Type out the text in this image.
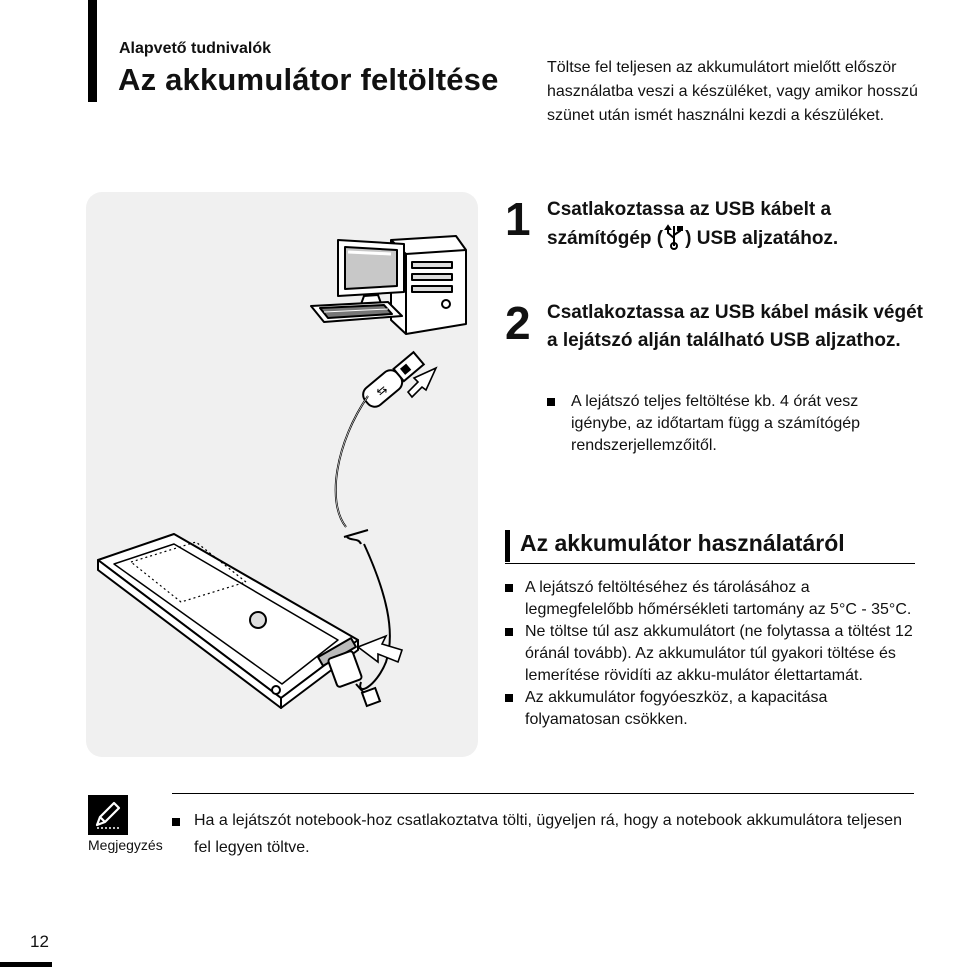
Alapvető tudnivalók
Az akkumulátor feltöltése	Töltse fel teljesen az akkumulátort mielőtt először használatba veszi a készüléket, vagy amikor hosszú szünet után ismét használni kezdi a készüléket.
⇆
1 Csatlakoztassa az USB kábelt a számítógép ( ) USB aljzatához.
2 Csatlakoztassa az USB kábel másik végét a lejátszó alján található USB aljzathoz.
A lejátszó teljes feltöltése kb. 4 órát vesz igénybe, az időtartam függ a számítógép rendszerjellemzőitől.
Az akkumulátor használatáról
A lejátszó feltöltéséhez és tárolásához a legmegfelelőbb hőmérsékleti tartomány az 5°C - 35°C.
Ne töltse túl asz akkumulátort (ne folytassa a töltést 12 óránál tovább). Az akkumulátor túl gyakori töltése és lemerítése rövidíti az akku-mulátor élettartamát.
Az akkumulátor fogyóeszköz, a kapacitása folyamatosan csökken.
Megjegyzés
Ha a lejátszót notebook-hoz csatlakoztatva tölti, ügyeljen rá, hogy a notebook akkumulátora teljesen fel legyen töltve.
12
